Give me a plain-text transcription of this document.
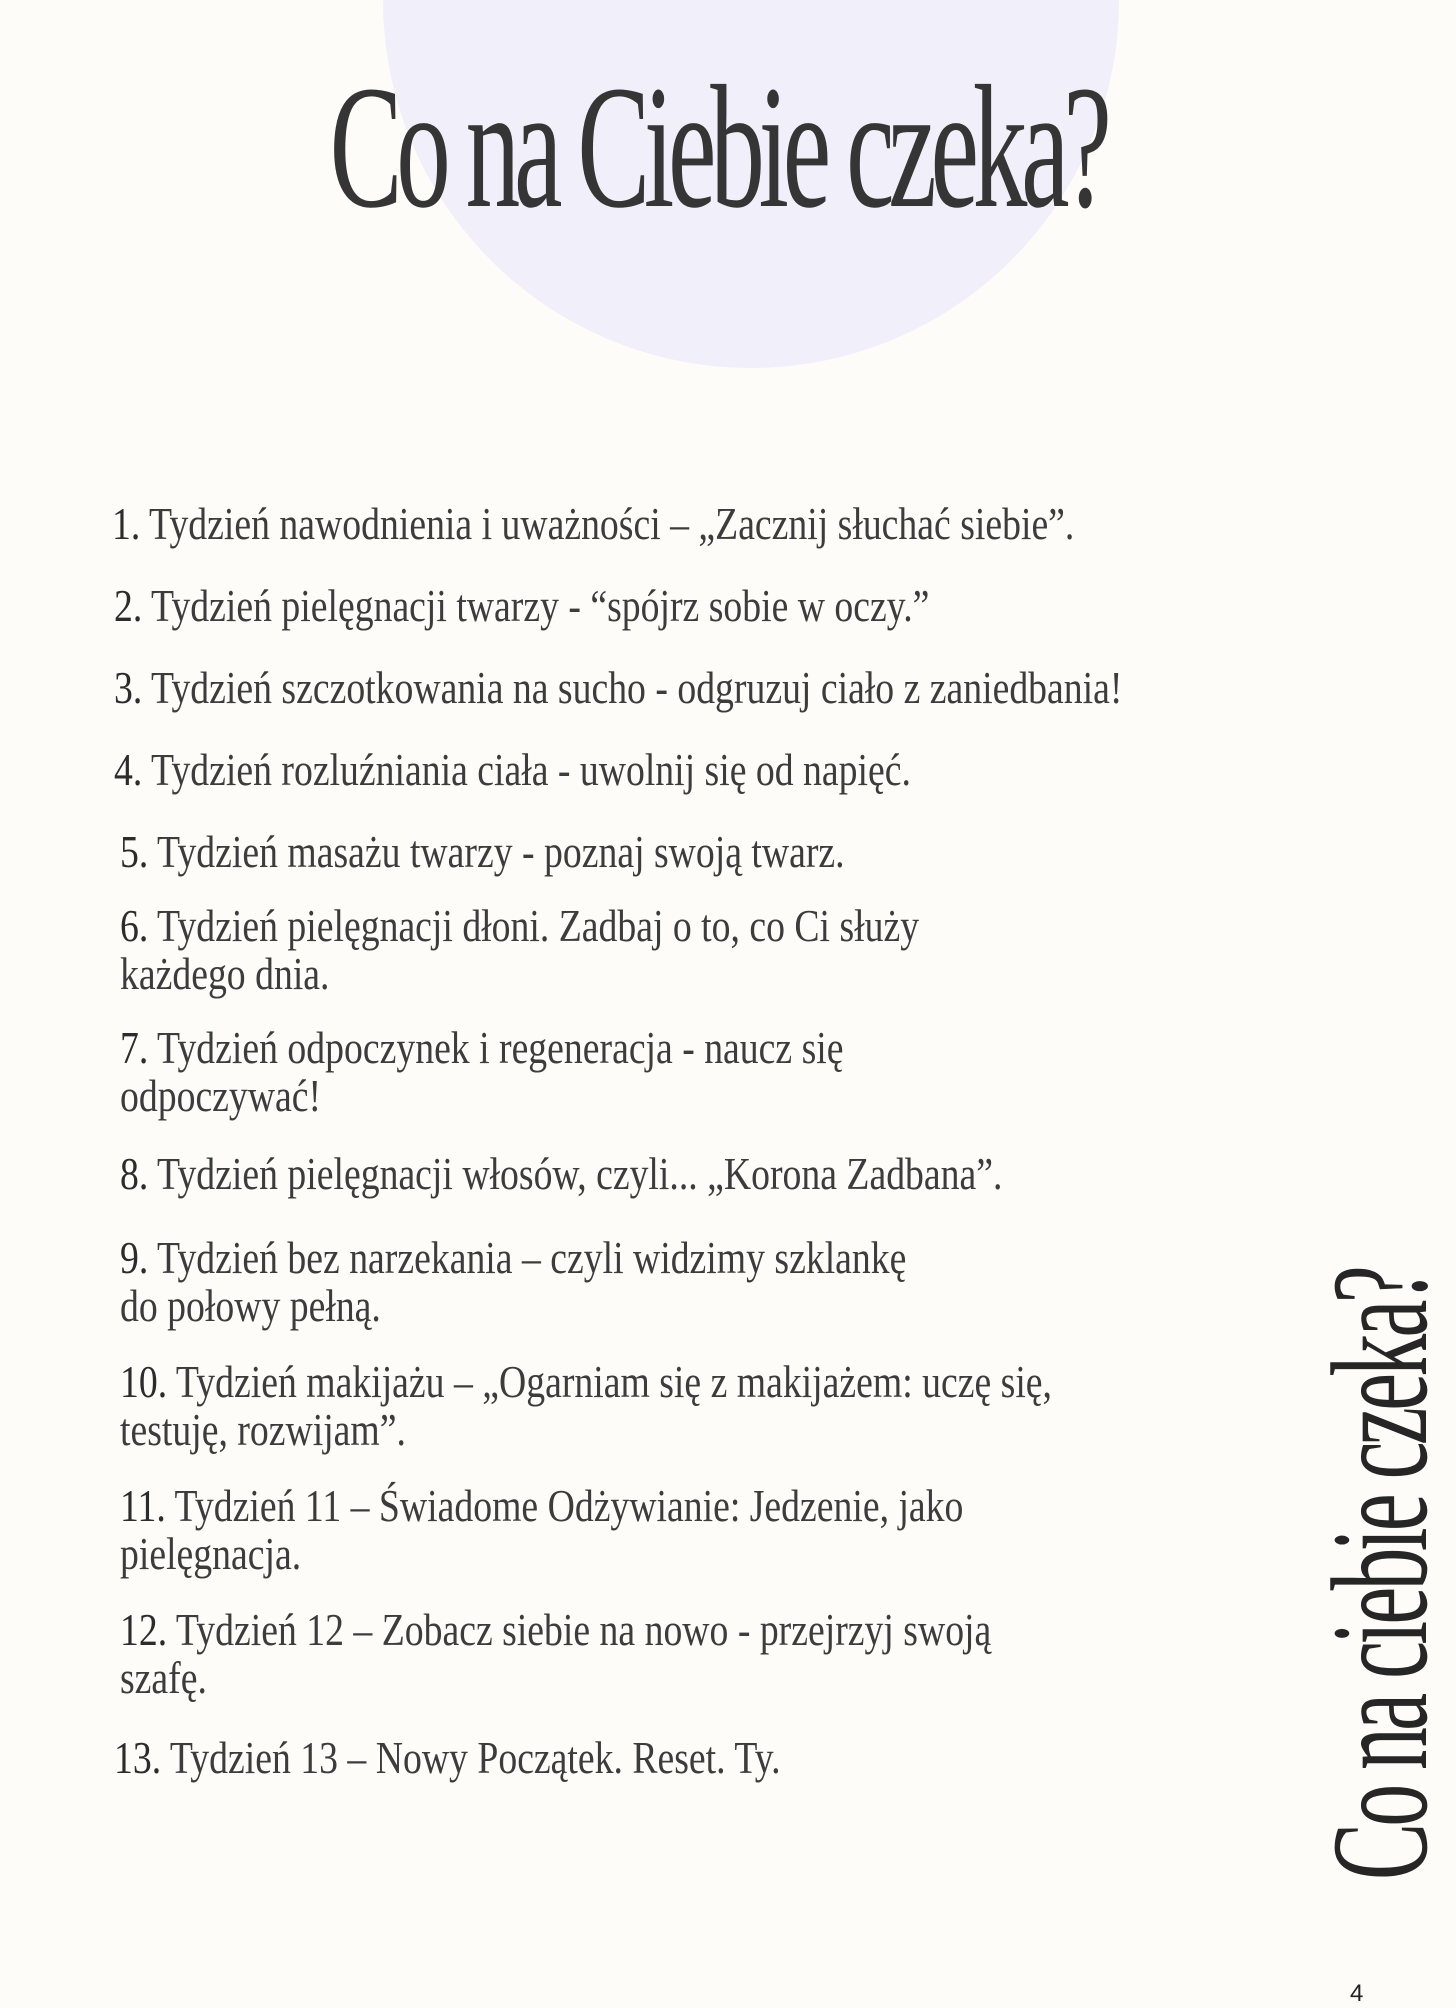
Co na Ciebie czeka?
1. Tydzień nawodnienia i uważności – „Zacznij słuchać siebie”.
2. Tydzień pielęgnacji twarzy - “spójrz sobie w oczy.”
3. Tydzień szczotkowania na sucho - odgruzuj ciało z zaniedbania!
4. Tydzień rozluźniania ciała - uwolnij się od napięć.
5. Tydzień masażu twarzy - poznaj swoją twarz.
6. Tydzień pielęgnacji dłoni. Zadbaj o to, co Ci służy
każdego dnia.
7. Tydzień odpoczynek i regeneracja - naucz się
odpoczywać!
8. Tydzień pielęgnacji włosów, czyli... „Korona Zadbana”.
9. Tydzień bez narzekania – czyli widzimy szklankę
do połowy pełną.
10. Tydzień makijażu – „Ogarniam się z makijażem: uczę się,
testuję, rozwijam”.
11. Tydzień 11 – Świadome Odżywianie: Jedzenie, jako
pielęgnacja.
12. Tydzień 12 – Zobacz siebie na nowo - przejrzyj swoją
szafę.
13. Tydzień 13 – Nowy Początek. Reset. Ty.	Co na ciebie czeka?
4
